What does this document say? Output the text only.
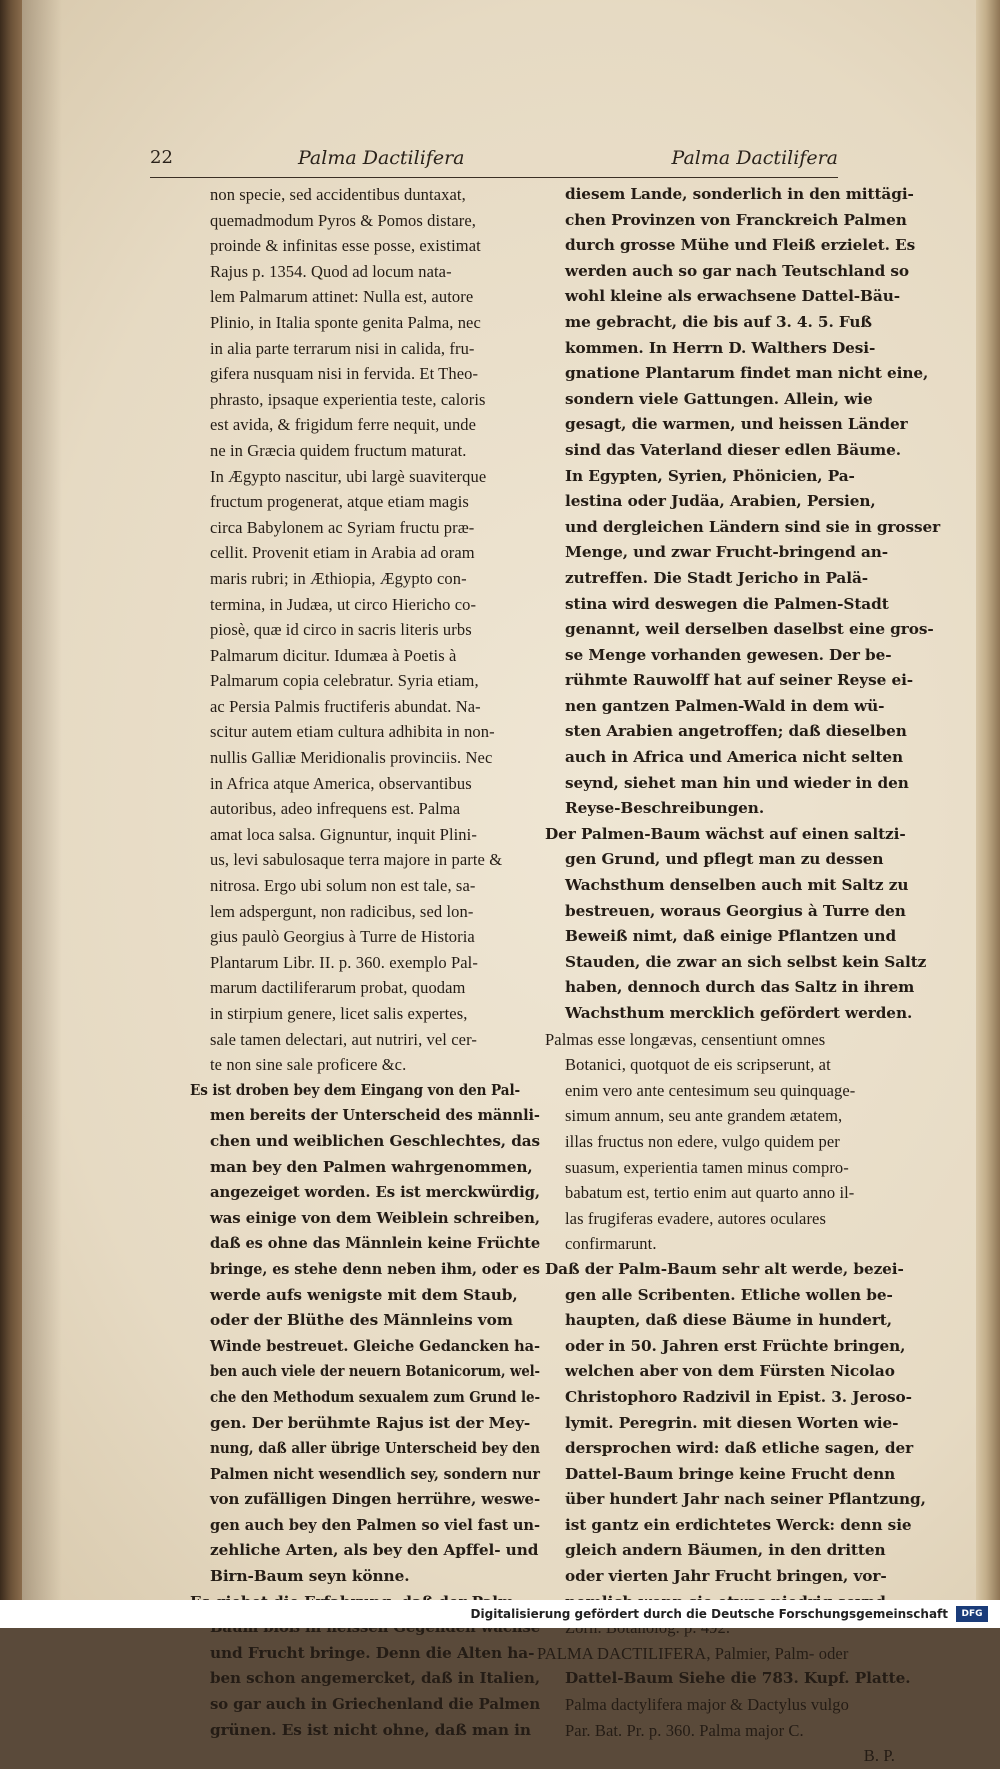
22	Palma Dactilifera	Palma Dactilifera
non specie, sed accidentibus duntaxat,
quemadmodum Pyros & Pomos distare,
proinde & infinitas esse posse, existimat
Rajus p. 1354. Quod ad locum nata-
lem Palmarum attinet: Nulla est, autore
Plinio, in Italia sponte genita Palma, nec
in alia parte terrarum nisi in calida, fru-
gifera nusquam nisi in fervida. Et Theo-
phrasto, ipsaque experientia teste, caloris
est avida, & frigidum ferre nequit, unde
ne in Græcia quidem fructum maturat.
In Ægypto nascitur, ubi largè suaviterque
fructum progenerat, atque etiam magis
circa Babylonem ac Syriam fructu præ-
cellit. Provenit etiam in Arabia ad oram
maris rubri; in Æthiopia, Ægypto con-
termina, in Judæa, ut circo Hiericho co-
piosè, quæ id circo in sacris literis urbs
Palmarum dicitur. Idumæa à Poetis à
Palmarum copia celebratur. Syria etiam,
ac Persia Palmis fructiferis abundat. Na-
scitur autem etiam cultura adhibita in non-
nullis Galliæ Meridionalis provinciis. Nec
in Africa atque America, observantibus
autoribus, adeo infrequens est. Palma
amat loca salsa. Gignuntur, inquit Plini-
us, levi sabulosaque terra majore in parte &
nitrosa. Ergo ubi solum non est tale, sa-
lem adspergunt, non radicibus, sed lon-
gius paulò Georgius à Turre de Historia
Plantarum Libr. II. p. 360. exemplo Pal-
marum dactiliferarum probat, quodam
in stirpium genere, licet salis expertes,
sale tamen delectari, aut nutriri, vel cer-
te non sine sale proficere &c.
Es ist droben bey dem Eingang von den Pal-
men bereits der Unterscheid des männli-
chen und weiblichen Geschlechtes, das
man bey den Palmen wahrgenommen,
angezeiget worden. Es ist merckwürdig,
was einige von dem Weiblein schreiben,
daß es ohne das Männlein keine Früchte
bringe, es stehe denn neben ihm, oder es
werde aufs wenigste mit dem Staub,
oder der Blüthe des Männleins vom
Winde bestreuet. Gleiche Gedancken ha-
ben auch viele der neuern Botanicorum, wel-
che den Methodum sexualem zum Grund le-
gen. Der berühmte Rajus ist der Mey-
nung, daß aller übrige Unterscheid bey den
Palmen nicht wesendlich sey, sondern nur
von zufälligen Dingen herrühre, weswe-
gen auch bey den Palmen so viel fast un-
zehliche Arten, als bey den Apffel- und
Birn-Baum seyn könne.
und Frucht bringe. Denn die Alten ha-
ben schon angemercket, daß in Italien,
so gar auch in Griechenland die Palmen
grünen. Es ist nicht ohne, daß man in
diesem Lande, sonderlich in den mittägi-
chen Provinzen von Franckreich Palmen
durch grosse Mühe und Fleiß erzielet. Es
werden auch so gar nach Teutschland so
wohl kleine als erwachsene Dattel-Bäu-
me gebracht, die bis auf 3. 4. 5. Fuß
kommen. In Herrn D. Walthers Desi-
gnatione Plantarum findet man nicht eine,
sondern viele Gattungen. Allein, wie
gesagt, die warmen, und heissen Länder
sind das Vaterland dieser edlen Bäume.
In Egypten, Syrien, Phönicien, Pa-
lestina oder Judäa, Arabien, Persien,
und dergleichen Ländern sind sie in grosser
Menge, und zwar Frucht-bringend an-
zutreffen. Die Stadt Jericho in Palä-
stina wird deswegen die Palmen-Stadt
genannt, weil derselben daselbst eine gros-
se Menge vorhanden gewesen. Der be-
rühmte Rauwolff hat auf seiner Reyse ei-
nen gantzen Palmen-Wald in dem wü-
sten Arabien angetroffen; daß dieselben
auch in Africa und America nicht selten
seynd, siehet man hin und wieder in den
Reyse-Beschreibungen.
Der Palmen-Baum wächst auf einen saltzi-
gen Grund, und pflegt man zu dessen
Wachsthum denselben auch mit Saltz zu
bestreuen, woraus Georgius à Turre den
Beweiß nimt, daß einige Pflantzen und
Stauden, die zwar an sich selbst kein Saltz
haben, dennoch durch das Saltz in ihrem
Wachsthum mercklich geförde​rt werden.
Palmas esse longævas, censentiunt omnes
Botanici, quotquot de eis scripserunt, at
enim vero ante centesimum seu quinquage-
simum annum, seu ante grandem ætatem,
illas fructus non edere, vulgo quidem per
suasum, experientia tamen minus compro-
babatum est, tertio enim aut quarto anno il-
las frugiferas evadere, autores oculares
confirmarunt.
Daß der Palm-Baum sehr alt werde, bezei-
gen alle Scribenten. Etliche wollen be-
haupten, daß diese Bäume in hundert,
oder in 50. Jahren erst Früchte bringen,
welchen aber von dem Fürsten Nicolao
Christophoro Radzivil in Epist. 3. Jeroso-
lymit. Peregrin. mit diesen Worten wie-
dersprochen wird: daß etliche sagen, der
Dattel-Baum bringe keine Frucht denn
über hundert Jahr nach seiner Pflantzung,
ist gantz ein erdichtetes Werck: denn sie
gleich andern Bäumen, in den dritten
oder vierten Jahr Frucht bringen, vor-
PALMA DACTILIFERA, Palmier, Palm- oder
Dattel-Baum Siehe die 783. Kupf. Platte.
Palma dactylifera major & Dactylus vulgo
Par. Bat. Pr. p. 360. Palma major C.
B. P.
Digitalisierung gefördert durch die Deutsche Forschungsgemeinschaft	DFG
